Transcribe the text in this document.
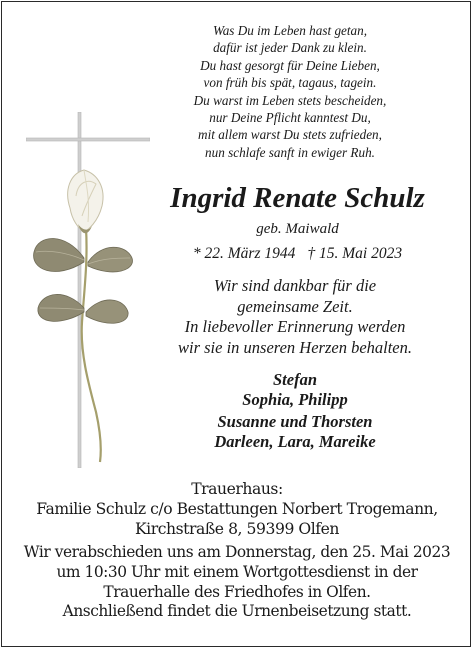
Was Du im Leben hast getan,
dafür ist jeder Dank zu klein.
Du hast gesorgt für Deine Lieben,
von früh bis spät, tagaus, tagein.
Du warst im Leben stets bescheiden,
nur Deine Pflicht kanntest Du,
mit allem warst Du stets zufrieden,
nun schlafe sanft in ewiger Ruh.
Ingrid Renate Schulz
geb. Maiwald
* 22. März 1944 † 15. Mai 2023
Wir sind dankbar für die
gemeinsame Zeit.
In liebevoller Erinnerung werden
wir sie in unseren Herzen behalten.
Stefan
Sophia, Philipp
Susanne und Thorsten
Darleen, Lara, Mareike
Trauerhaus:
Familie Schulz c/o Bestattungen Norbert Trogemann,
Kirchstraße 8, 59399 Olfen
Wir verabschieden uns am Donnerstag, den 25. Mai 2023
um 10:30 Uhr mit einem Wortgottesdienst in der
Trauerhalle des Friedhofes in Olfen.
Anschließend findet die Urnenbeisetzung statt.
